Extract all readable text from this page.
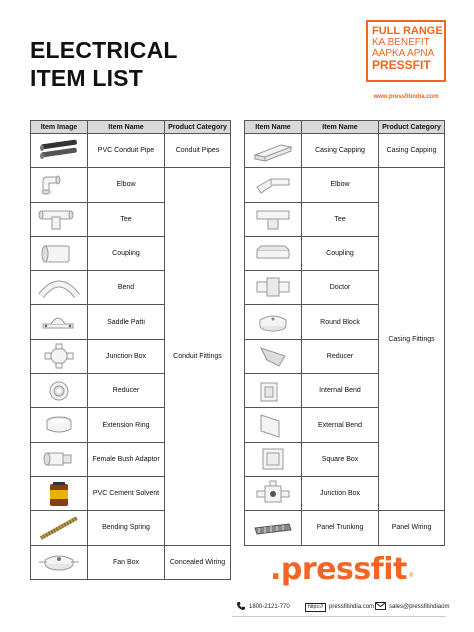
ELECTRICAL
ITEM LIST
FULL RANGE
KA BENEFIT
AAPKA APNA
PRESSFIT
www.pressfitindia.com
Item Image	Item Name	Product Category

	PVC Conduit Pipe	Conduit Pipes

	Elbow	Conduit Fittings

	Tee	

	Coupling	

	Bend	

	Saddle Patti	

	Junction Box	

	Reducer	

	Extension Ring	

	Female Bush Adaptor	

	PVC Cement Solvent	

	Bending Spring	

	Fan Box	Concealed Wiring
Item Name	Item Name	Product Category

	Casing Capping	Casing Capping

	Elbow	Casing Fittings

	Tee	

	Coupling	

	Doctor	

	Round Block	

	Reducer	

	Internal Bend	

	External Bend	

	Square Box	

	Junction Box	

	Panel Trunking	Panel Wiring
.pressfit ®
1800-2121-770	https://	pressfitindia.com sales@pressfitindiaom
